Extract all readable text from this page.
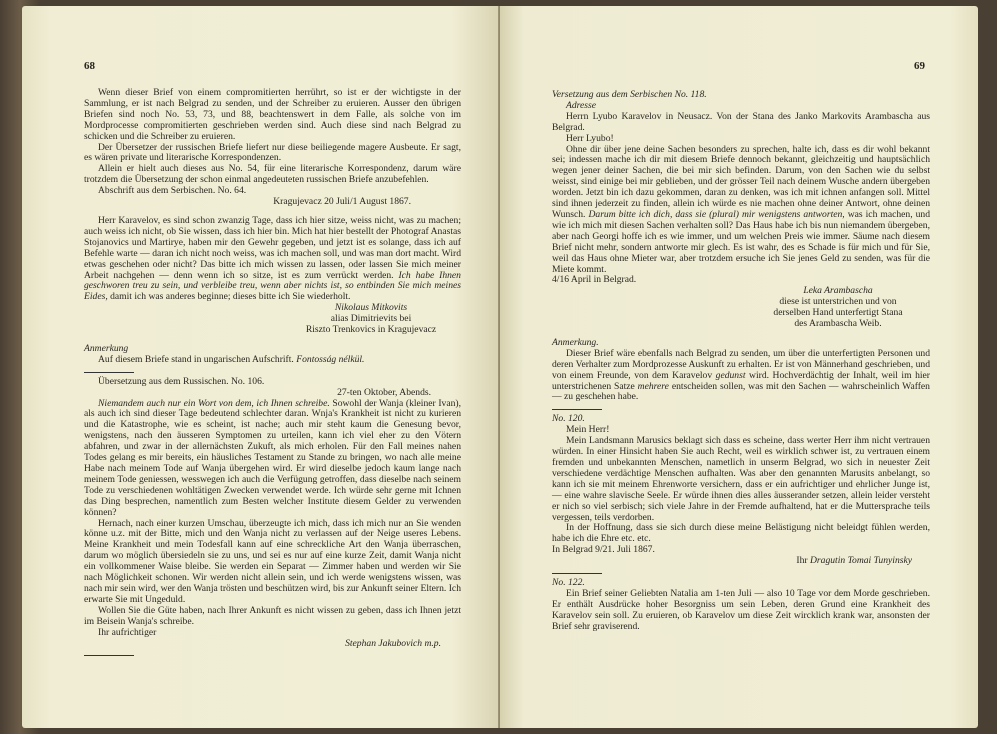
68

Wenn dieser Brief von einem compromitierten herrührt, so ist er der wichtigste in der Sammlung, er ist nach Belgrad zu senden, und der Schreiber zu eruieren. Ausser den übrigen Briefen sind noch No. 53, 73, und 88, beachtenswert in dem Falle, als solche von im Mordprocesse compromitierten geschrieben werden sind. Auch diese sind nach Belgrad zu schicken und die Schreiber zu eruieren.

Der Übersetzer der russischen Briefe liefert nur diese beiliegende magere Ausbeute. Er sagt, es wären private und literarische Korrespondenzen.

Allein er hielt auch dieses aus No. 54, für eine literarische Korrespondenz, darum wäre trotzdem die Übersetzung der schon einmal angedeuteten russischen Briefe anzubefehlen.

Abschrift aus dem Serbischen. No. 64.

Kragujevacz 20 Juli/1 August 1867.

Herr Karavelov, es sind schon zwanzig Tage, dass ich hier sitze, weiss nicht, was zu machen; auch weiss ich nicht, ob Sie wissen, dass ich hier bin. Mich hat hier bestellt der Photograf Anastas Stojanovics und Martirye, haben mir den Gewehr gegeben, und jetzt ist es solange, dass ich auf Befehle warte — daran ich nicht noch weiss, was ich machen soll, und was man dort macht. Wird etwas geschehen oder nicht? Das bitte ich mich wissen zu lassen, oder lassen Sie mich meiner Arbeit nachgehen — denn wenn ich so sitze, ist es zum verrückt werden. Ich habe Ihnen geschworen treu zu sein, und verbleibe treu, wenn aber nichts ist, so entbinden Sie mich meines Eides, damit ich was anderes beginne; dieses bitte ich Sie wiederholt.

Nikolaus Mitkovits

alias Dimitrievits bei

Riszto Trenkovics in Kragujevacz

Anmerkung

Auf diesem Briefe stand in ungarischen Aufschrift. Fontosság nélkül.

Übersetzung aus dem Russischen. No. 106.

27-ten Oktober, Abends.

Niemandem auch nur ein Wort von dem, ich Ihnen schreibe. Sowohl der Wanja (kleiner Ivan), als auch ich sind dieser Tage bedeutend schlechter daran. Wnja's Krankheit ist nicht zu kurieren und die Katastrophe, wie es scheint, ist nache; auch mir steht kaum die Genesung bevor, wenigstens, nach den äusseren Symptomen zu urteilen, kann ich viel eher zu den Vötern abfahren, und zwar in der allernächsten Zukuft, als mich erholen. Für den Fall meines nahen Todes gelang es mir bereits, ein häusliches Testament zu Stande zu bringen, wo nach alle meine Habe nach meinem Tode auf Wanja übergehen wird. Er wird dieselbe jedoch kaum lange nach meinem Tode geniessen, wesswegen ich auch die Verfügung getroffen, dass dieselbe nach seinem Tode zu verschiedenen wohltätigen Zwecken verwendet werde. Ich würde sehr gerne mit Ichnen das Ding besprechen, namentlich zum Besten welcher Institute diesem Gelder zu verwenden können?

Hernach, nach einer kurzen Umschau, überzeugte ich mich, dass ich mich nur an Sie wenden könne u.z. mit der Bitte, mich und den Wanja nicht zu verlassen auf der Neige useres Lebens. Meine Krankheit und mein Todesfall kann auf eine schreckliche Art den Wanja überraschen, darum wo möglich übersiedeln sie zu uns, und sei es nur auf eine kurze Zeit, damit Wanja nicht ein vollkommener Waise bleibe. Sie werden ein Separat — Zimmer haben und werden wir Sie nach Möglichkeit schonen. Wir werden nicht allein sein, und ich werde wenigstens wissen, was nach mir sein wird, wer den Wanja trösten und beschützen wird, bis zur Ankunft seiner Eltern. Ich erwarte Sie mit Ungeduld.

Wollen Sie die Güte haben, nach Ihrer Ankunft es nicht wissen zu geben, dass ich Ihnen jetzt im Beisein Wanja's schreibe.

Ihr aufrichtiger

Stephan Jakubovich m.p.

69

Versetzung aus dem Serbischen No. 118.

Adresse

Herrn Lyubo Karavelov in Neusacz. Von der Stana des Janko Markovits Arambascha aus Belgrad.

Herr Lyubo!

Ohne dir über jene deine Sachen besonders zu sprechen, halte ich, dass es dir wohl bekannt sei; indessen mache ich dir mit diesem Briefe dennoch bekannt, gleichzeitig und hauptsächlich wegen jener deiner Sachen, die bei mir sich befinden. Darum, von den Sachen wie du selbst weisst, sind einige bei mir geblieben, und der grösser Teil nach deinem Wusche andern übergeben worden. Jetzt bin ich dazu gekommen, daran zu denken, was ich mit ichnen anfangen soll. Mittel sind ihnen jederzeit zu finden, allein ich würde es nie machen ohne deiner Antwort, ohne deinen Wunsch. Darum bitte ich dich, dass sie (plural) mir wenigstens antworten, was ich machen, und wie ich mich mit diesen Sachen verhalten soll? Das Haus habe ich bis nun niemandem übergeben, aber nach Georgi hoffe ich es wie immer, und um welchen Preis wie immer. Säume nach diesem Brief nicht mehr, sondern antworte mir glech. Es ist wahr, des es Schade is für mich und für Sie, weil das Haus ohne Mieter war, aber trotzdem ersuche ich Sie jenes Geld zu senden, was für die Miete kommt.

4/16 April in Belgrad.

Leka Arambascha

diese ist unterstrichen und von

derselben Hand unterfertigt Stana

des Arambascha Weib.

Anmerkung.

Dieser Brief wäre ebenfalls nach Belgrad zu senden, um über die unterfertigten Personen und deren Verhalter zum Mordprozesse Auskunft zu erhalten. Er ist von Männerhand geschrieben, und von einem Freunde, von dem Karavelov gedunst wird. Hochverdächtig der Inhalt, weil im hier unterstrichenen Satze mehrere entscheiden sollen, was mit den Sachen — wahrscheinlich Waffen — zu geschehen habe.

No. 120.

Mein Herr!

Mein Landsmann Marusics beklagt sich dass es scheine, dass werter Herr ihm nicht vertrauen würden. In einer Hinsicht haben Sie auch Recht, weil es wirklich schwer ist, zu vertrauen einem fremden und unbekannten Menschen, nametlich in unserm Belgrad, wo sich in neuester Zeit verschiedene verdächtige Menschen aufhalten. Was aber den genannten Marusits anbelangt, so kann ich sie mit meinem Ehrenworte versichern, dass er ein aufrichtiger und ehrlicher Junge ist, — eine wahre slavische Seele. Er würde ihnen dies alles äusserander setzen, allein leider versteht er nich so viel serbisch; sich viele Jahre in der Fremde aufhaltend, hat er die Muttersprache teils vergessen, teils verdorben.

In der Hoffnung, dass sie sich durch diese meine Belästigung nicht beleidgt fühlen werden, habe ich die Ehre etc. etc.

In Belgrad 9/21. Juli 1867.

Ihr Dragutin Tomai Tunyinsky

No. 122.

Ein Brief seiner Geliebten Natalia am 1-ten Juli — also 10 Tage vor dem Morde geschrieben. Er enthält Ausdrücke hoher Besorgniss um sein Leben, deren Grund eine Krankheit des Karavelov sein soll. Zu eruieren, ob Karavelov um diese Zeit wircklich krank war, ansonsten der Brief sehr graviserend.
